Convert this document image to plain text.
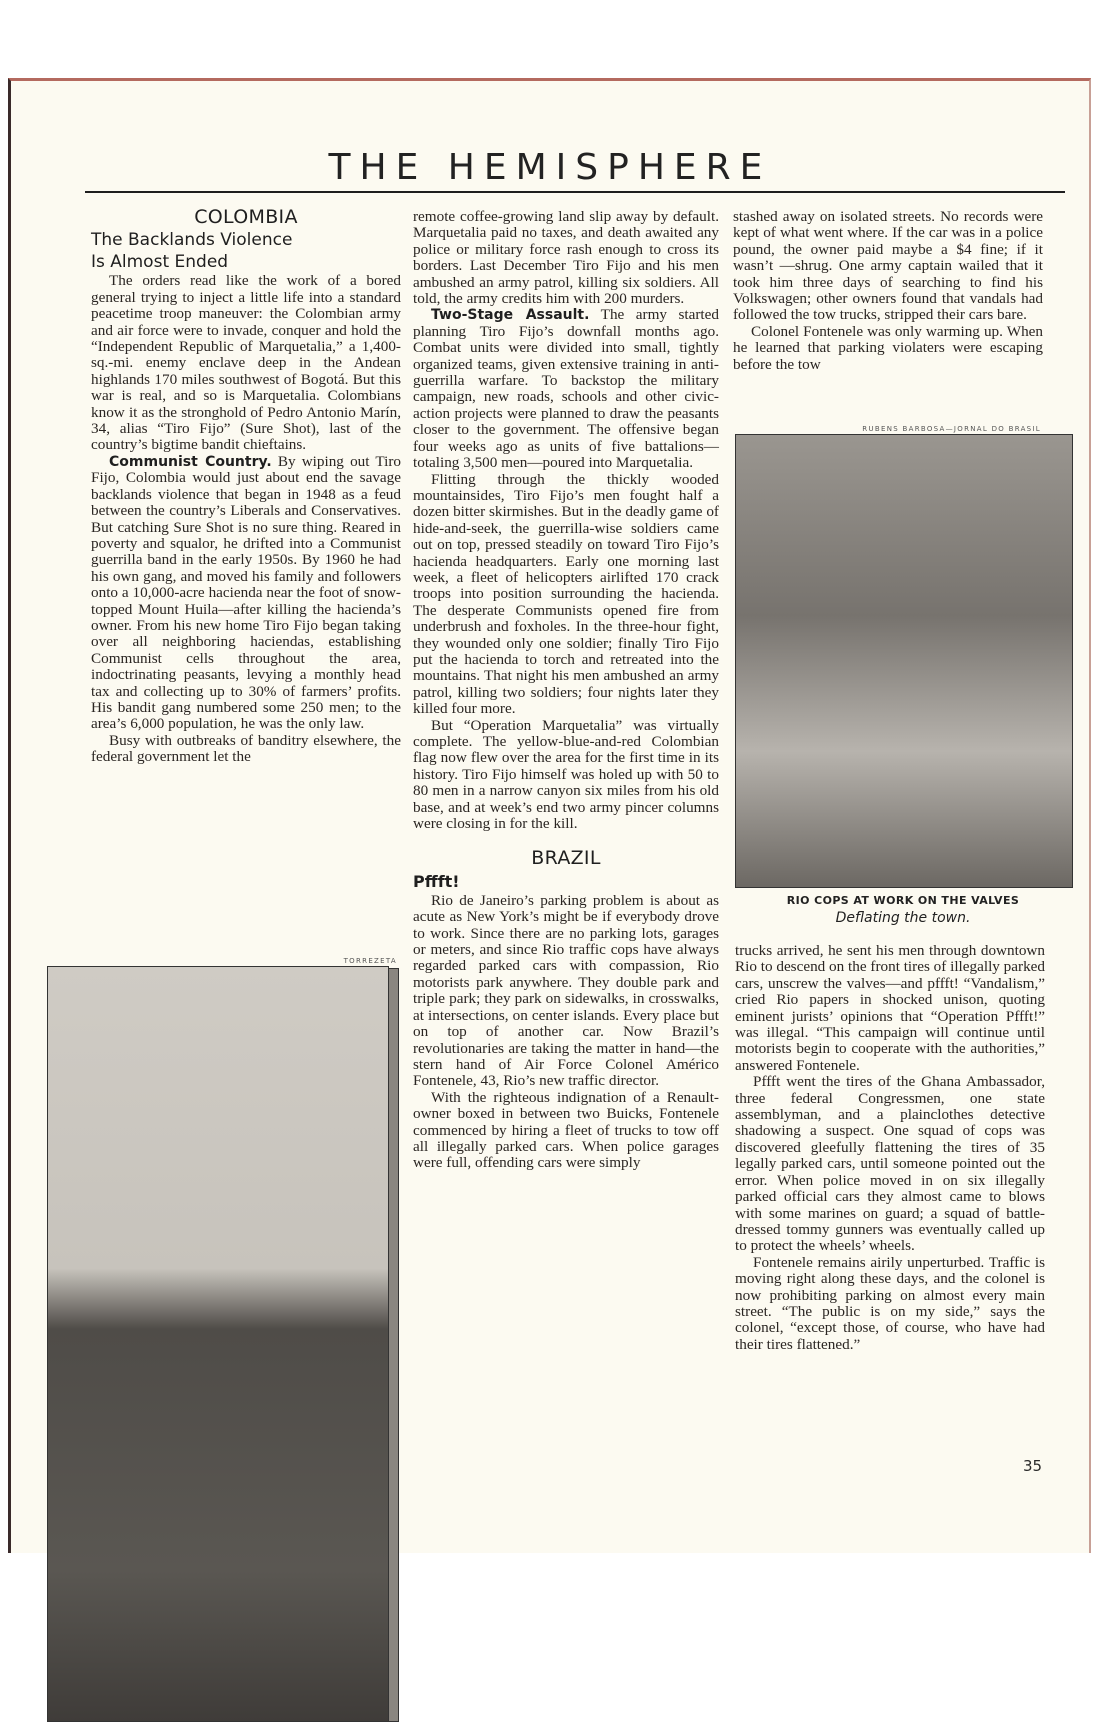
THE HEMISPHERE
COLOMBIA
The Backlands Violence
Is Almost Ended

The orders read like the work of a bored general trying to inject a little life into a standard peacetime troop maneuver: the Colombian army and air force were to invade, conquer and hold the “Independent Republic of Marquetalia,” a 1,400-sq.-mi. enemy enclave deep in the Andean highlands 170 miles southwest of Bogotá. But this war is real, and so is Marquetalia. Colombians know it as the stronghold of Pedro Antonio Marín, 34, alias “Tiro Fijo” (Sure Shot), last of the country’s bigtime bandit chieftains.

Communist Country. By wiping out Tiro Fijo, Colombia would just about end the savage backlands violence that began in 1948 as a feud between the country’s Liberals and Conservatives. But catching Sure Shot is no sure thing. Reared in poverty and squalor, he drifted into a Communist guerrilla band in the early 1950s. By 1960 he had his own gang, and moved his family and followers onto a 10,000-acre hacienda near the foot of snow-topped Mount Huila—after killing the hacienda’s owner. From his new home Tiro Fijo began taking over all neighboring haciendas, establishing Communist cells throughout the area, indoctrinating peasants, levying a monthly head tax and collecting up to 30% of farmers’ profits. His bandit gang numbered some 250 men; to the area’s 6,000 population, he was the only law.

Busy with outbreaks of banditry elsewhere, the federal government let the

TORREZETA

remote coffee-growing land slip away by default. Marquetalia paid no taxes, and death awaited any police or military force rash enough to cross its borders. Last December Tiro Fijo and his men ambushed an army patrol, killing six soldiers. All told, the army credits him with 200 murders.

Two-Stage Assault. The army started planning Tiro Fijo’s downfall months ago. Combat units were divided into small, tightly organized teams, given extensive training in anti-guerrilla warfare. To backstop the military campaign, new roads, schools and other civic-action projects were planned to draw the peasants closer to the government. The offensive began four weeks ago as units of five battalions—totaling 3,500 men—poured into Marquetalia.

Flitting through the thickly wooded mountainsides, Tiro Fijo’s men fought half a dozen bitter skirmishes. But in the deadly game of hide-and-seek, the guerrilla-wise soldiers came out on top, pressed steadily on toward Tiro Fijo’s hacienda headquarters. Early one morning last week, a fleet of helicopters airlifted 170 crack troops into position surrounding the hacienda. The desperate Communists opened fire from underbrush and foxholes. In the three-hour fight, they wounded only one soldier; finally Tiro Fijo put the hacienda to torch and retreated into the mountains. That night his men ambushed an army patrol, killing two soldiers; four nights later they killed four more.

But “Operation Marquetalia” was virtually complete. The yellow-blue-and-red Colombian flag now flew over the area for the first time in its history. Tiro Fijo himself was holed up with 50 to 80 men in a narrow canyon six miles from his old base, and at week’s end two army pincer columns were closing in for the kill.

BRAZIL
Pffft!

Rio de Janeiro’s parking problem is about as acute as New York’s might be if everybody drove to work. Since there are no parking lots, garages or meters, and since Rio traffic cops have always regarded parked cars with compassion, Rio motorists park anywhere. They double park and triple park; they park on sidewalks, in crosswalks, at intersections, on center islands. Every place but on top of another car. Now Brazil’s revolutionaries are taking the matter in hand—the stern hand of Air Force Colonel Américo Fontenele, 43, Rio’s new traffic director.

With the righteous indignation of a Renault-owner boxed in between two Buicks, Fontenele commenced by hiring a fleet of trucks to tow off all illegally parked cars. When police garages were full, offending cars were simply

stashed away on isolated streets. No records were kept of what went where. If the car was in a police pound, the owner paid maybe a $4 fine; if it wasn’t —shrug. One army captain wailed that it took him three days of searching to find his Volkswagen; other owners found that vandals had followed the tow trucks, stripped their cars bare.

Colonel Fontenele was only warming up. When he learned that parking violaters were escaping before the tow

RUBENS BARBOSA—JORNAL DO BRASIL
RIO COPS AT WORK ON THE VALVES
Deflating the town.

trucks arrived, he sent his men through downtown Rio to descend on the front tires of illegally parked cars, unscrew the valves—and pffft! “Vandalism,” cried Rio papers in shocked unison, quoting eminent jurists’ opinions that “Operation Pffft!” was illegal. “This campaign will continue until motorists begin to cooperate with the authorities,” answered Fontenele.

Pffft went the tires of the Ghana Ambassador, three federal Congressmen, one state assemblyman, and a plainclothes detective shadowing a suspect. One squad of cops was discovered gleefully flattening the tires of 35 legally parked cars, until someone pointed out the error. When police moved in on six illegally parked official cars they almost came to blows with some marines on guard; a squad of battle-dressed tommy gunners was eventually called up to protect the wheels’ wheels.

Fontenele remains airily unperturbed. Traffic is moving right along these days, and the colonel is now prohibiting parking on almost every main street. “The public is on my side,” says the colonel, “except those, of course, who have had their tires flattened.”

35
